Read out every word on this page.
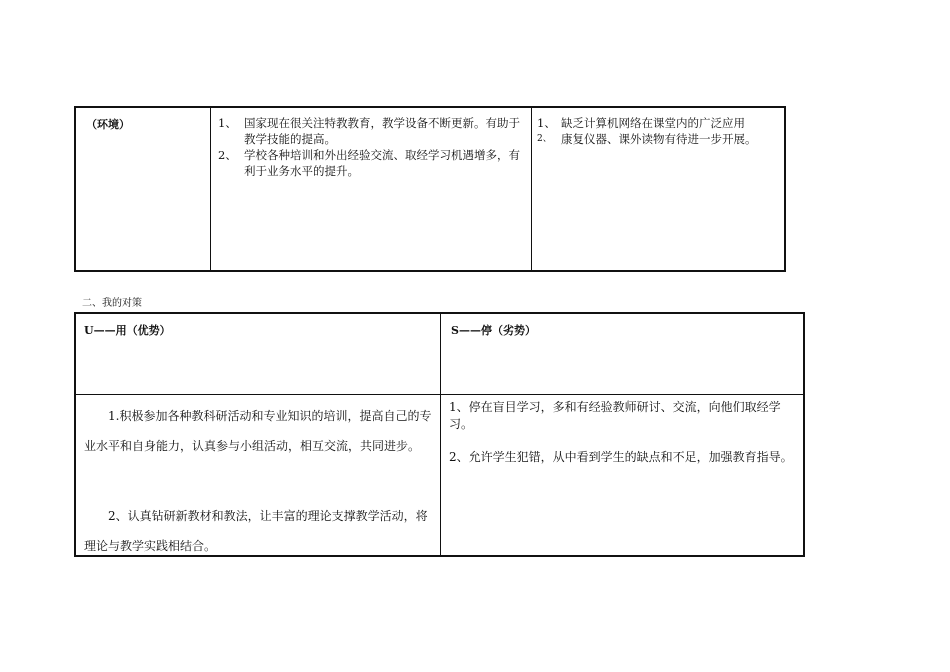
（环境）	1、 国家现在很关注特教教育，教学设备不断更新。有助于教学技能的提高。
2、 学校各种培训和外出经验交流、取经学习机遇增多，有利于业务水平的提升。
1、 缺乏计算机网络在课堂内的广泛应用
2、 康复仪器、课外读物有待进一步开展。
二、我的对策
U——用（优势）	S——停（劣势）

1.积极参加各种教科研活动和专业知识的培训，提高自己的专业水平和自身能力，认真参与小组活动，相互交流，共同进步。

2、认真钻研新教材和教法，让丰富的理论支撑教学活动，将理论与教学实践相结合。

1、停在盲目学习，多和有经验教师研讨、交流，向他们取经学习。

2、允许学生犯错，从中看到学生的缺点和不足，加强教育指导。
